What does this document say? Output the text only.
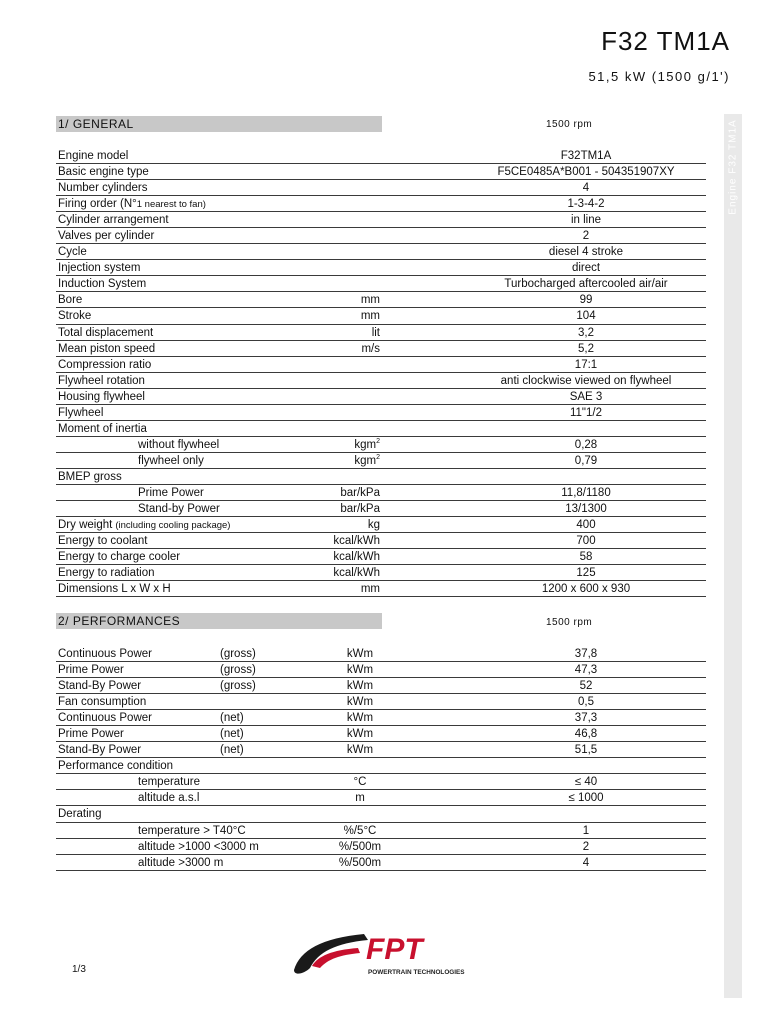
F32 TM1A
51,5 kW (1500 g/1')
Engine F32 TM1A
1/ GENERAL	1500 rpm
Engine model	F32TM1A
Basic engine type	F5CE0485A*B001 - 504351907XY
Number cylinders	4
Firing order (N°1 nearest to fan)	1-3-4-2
Cylinder arrangement	in line
Valves per cylinder	2
Cycle	diesel 4 stroke
Injection system	direct
Induction System	Turbocharged aftercooled air/air
Bore	mm	99
Stroke	mm	104
Total displacement	lit	3,2
Mean piston speed	m/s	5,2
Compression ratio	17:1
Flywheel rotation	anti clockwise viewed on flywheel
Housing flywheel	SAE 3
Flywheel	11"1/2
Moment of inertia
without flywheel	kgm$^2$	0,28
flywheel only	kgm$^2$	0,79
BMEP gross
Prime Power	bar/kPa	11,8/1180
Stand-by Power	bar/kPa	13/1300
Dry weight (including cooling package)	kg	400
Energy to coolant	kcal/kWh	700
Energy to charge cooler	kcal/kWh	58
Energy to radiation	kcal/kWh	125
Dimensions L x W x H	mm	1200 x 600 x 930
2/ PERFORMANCES	1500 rpm
Continuous Power	(gross)	kWm	37,8
Prime Power	(gross)	kWm	47,3
Stand-By Power	(gross)	kWm	52
Fan consumption	kWm	0,5
Continuous Power	(net)	kWm	37,3
Prime Power	(net)	kWm	46,8
Stand-By Power	(net)	kWm	51,5
Performance condition
temperature	°C	≤ 40
altitude a.s.l	m	≤ 1000
Derating
temperature > T40°C	%/5°C	1
altitude >1000 <3000 m	%/500m	2
altitude >3000 m	%/500m	4
FPT
POWERTRAIN TECHNOLOGIES
1/3
